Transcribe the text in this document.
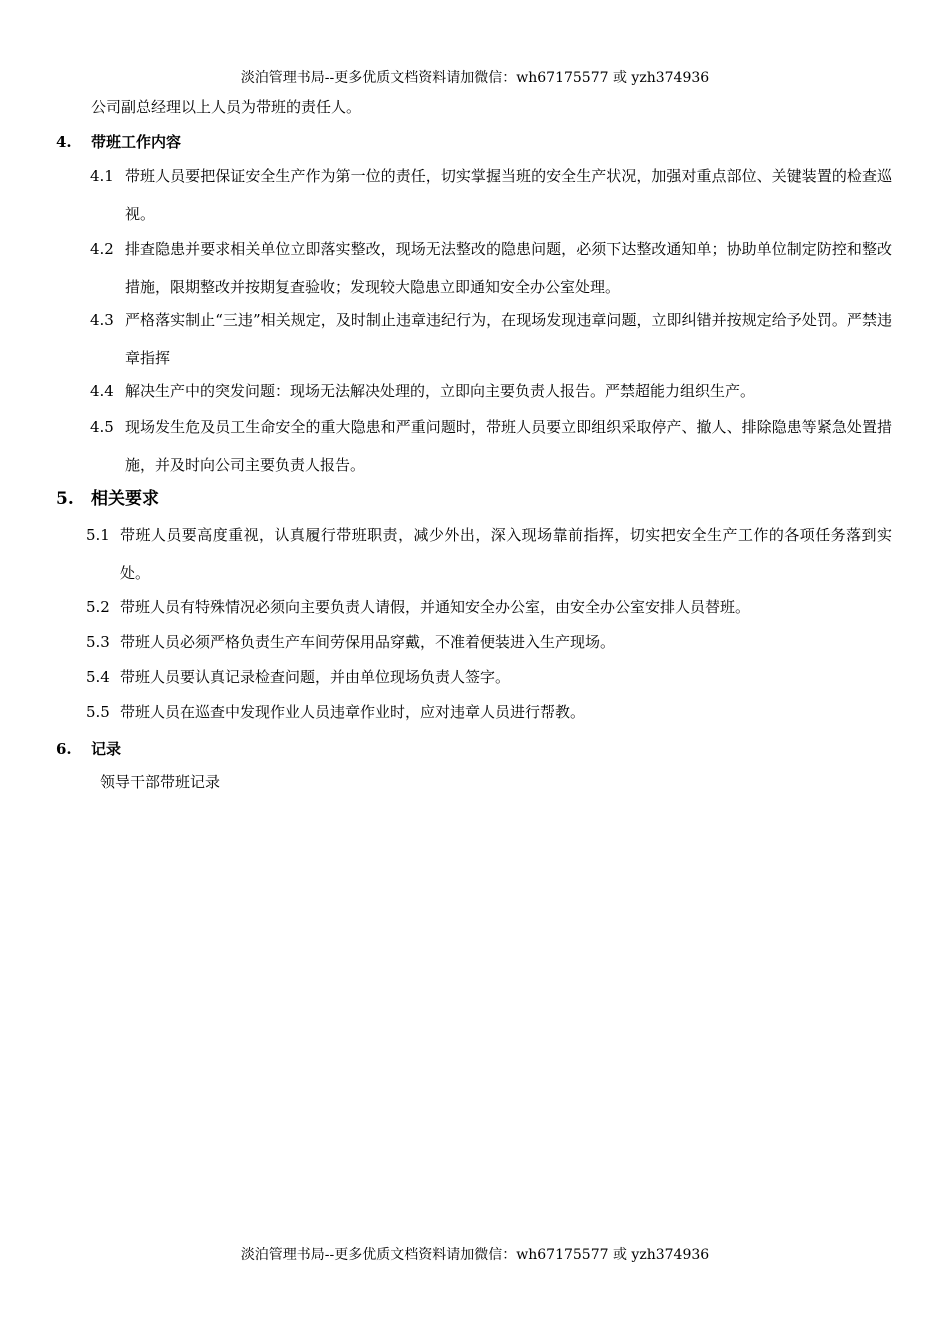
淡泊管理书局--更多优质文档资料请加微信：wh67175577 或 yzh374936
公司副总经理以上人员为带班的责任人。
4. 带班工作内容
4.1 带班人员要把保证安全生产作为第一位的责任，切实掌握当班的安全生产状况，加强对重点部位、关键装置的检查巡视。
4.2 排查隐患并要求相关单位立即落实整改，现场无法整改的隐患问题，必须下达整改通知单；协助单位制定防控和整改措施，限期整改并按期复查验收；发现较大隐患立即通知安全办公室处理。
4.3 严格落实制止“三违”相关规定，及时制止违章违纪行为，在现场发现违章问题，立即纠错并按规定给予处罚。严禁违章指挥
4.4 解决生产中的突发问题：现场无法解决处理的，立即向主要负责人报告。严禁超能力组织生产。
4.5 现场发生危及员工生命安全的重大隐患和严重问题时，带班人员要立即组织采取停产、撤人、排除隐患等紧急处置措施，并及时向公司主要负责人报告。
5. 相关要求
5.1 带班人员要高度重视，认真履行带班职责，减少外出，深入现场靠前指挥，切实把安全生产工作的各项任务落到实处。
5.2 带班人员有特殊情况必须向主要负责人请假，并通知安全办公室，由安全办公室安排人员替班。
5.3 带班人员必须严格负责生产车间劳保用品穿戴，不准着便装进入生产现场。
5.4 带班人员要认真记录检查问题，并由单位现场负责人签字。
5.5 带班人员在巡查中发现作业人员违章作业时，应对违章人员进行帮教。
6. 记录
领导干部带班记录
淡泊管理书局--更多优质文档资料请加微信：wh67175577 或 yzh374936
